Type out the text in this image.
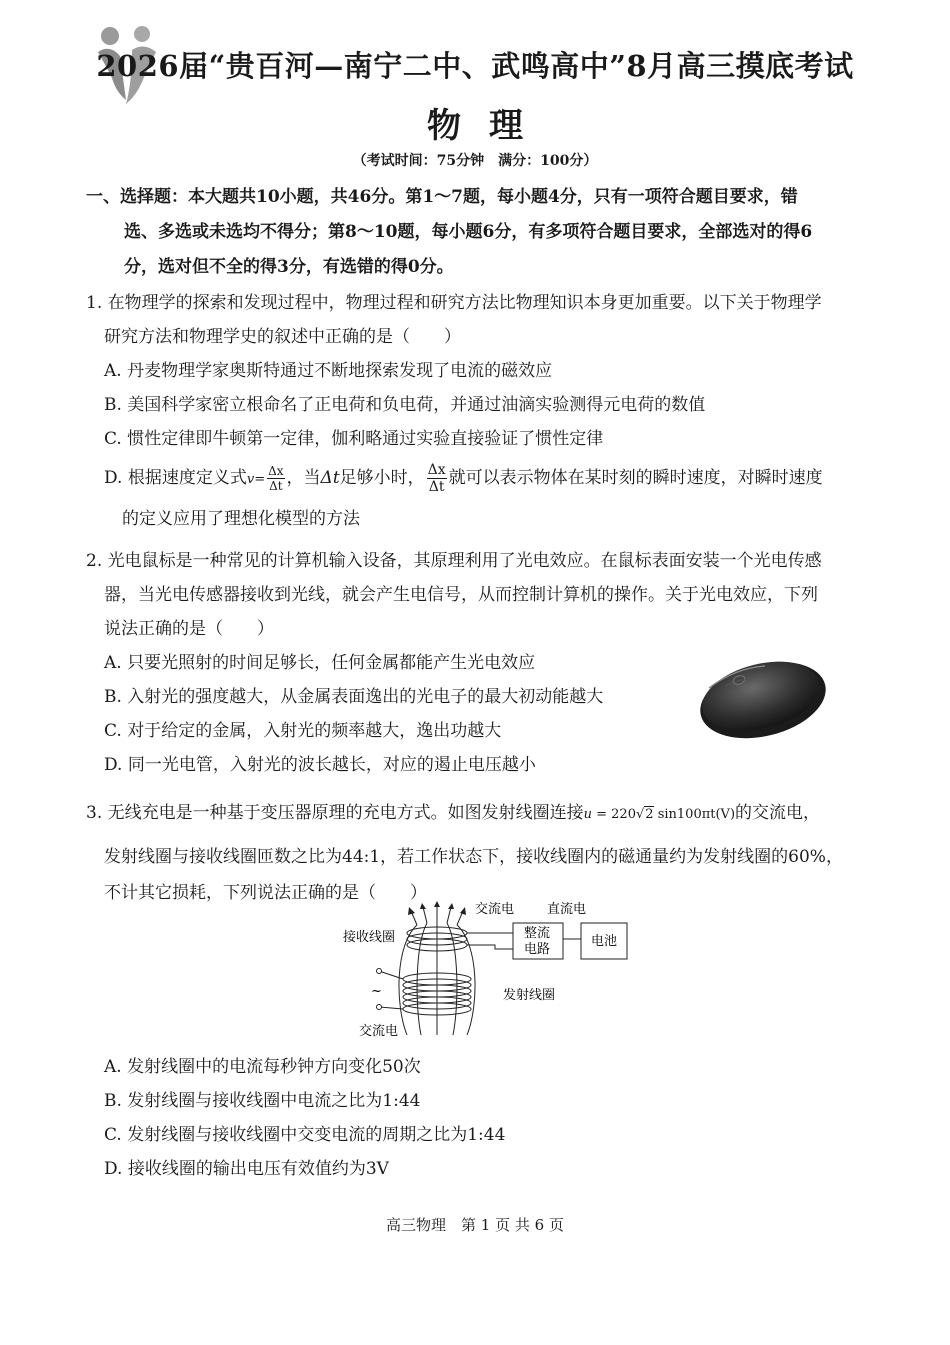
2026届“贵百河—南宁二中、武鸣高中”8月高三摸底考试
物 理
（考试时间：75分钟　满分：100分）
一、选择题：本大题共10小题，共46分。第1～7题，每小题4分，只有一项符合题目要求，错
选、多选或未选均不得分；第8～10题，每小题6分，有多项符合题目要求，全部选对的得6
分，选对但不全的得3分，有选错的得0分。
1. 在物理学的探索和发现过程中，物理过程和研究方法比物理知识本身更加重要。以下关于物理学
研究方法和物理学史的叙述中正确的是（　　）
A. 丹麦物理学家奥斯特通过不断地探索发现了电流的磁效应
B. 美国科学家密立根命名了正电荷和负电荷，并通过油滴实验测得元电荷的数值
C. 惯性定律即牛顿第一定律，伽利略通过实验直接验证了惯性定律
D. 根据速度定义式$v= \frac{\Delta x}{\Delta t}$ ，当Δt足够小时， $\frac{\Delta x}{\Delta t}$ 就可以表示物体在某时刻的瞬时速度，对瞬时速度
的定义应用了理想化模型的方法
2. 光电鼠标是一种常见的计算机输入设备，其原理利用了光电效应。在鼠标表面安装一个光电传感
器，当光电传感器接收到光线，就会产生电信号，从而控制计算机的操作。关于光电效应，下列
说法正确的是（　　）
A. 只要光照射的时间足够长，任何金属都能产生光电效应
B. 入射光的强度越大，从金属表面逸出的光电子的最大初动能越大
C. 对于给定的金属，入射光的频率越大，逸出功越大
D. 同一光电管，入射光的波长越长，对应的遏止电压越小
3. 无线充电是一种基于变压器原理的充电方式。如图发射线圈连接u = 220√2 sin100πt(V)的交流电，
发射线圈与接收线圈匝数之比为44:1，若工作状态下，接收线圈内的磁通量约为发射线圈的60%，
不计其它损耗，下列说法正确的是（　　）
交流电	直流电
接收线圈	整流
电路
电池
发射线圈
~
交流电
A. 发射线圈中的电流每秒钟方向变化50次
B. 发射线圈与接收线圈中电流之比为1:44
C. 发射线圈与接收线圈中交变电流的周期之比为1:44
D. 接收线圈的输出电压有效值约为3V
高三物理　第 1 页 共 6 页
